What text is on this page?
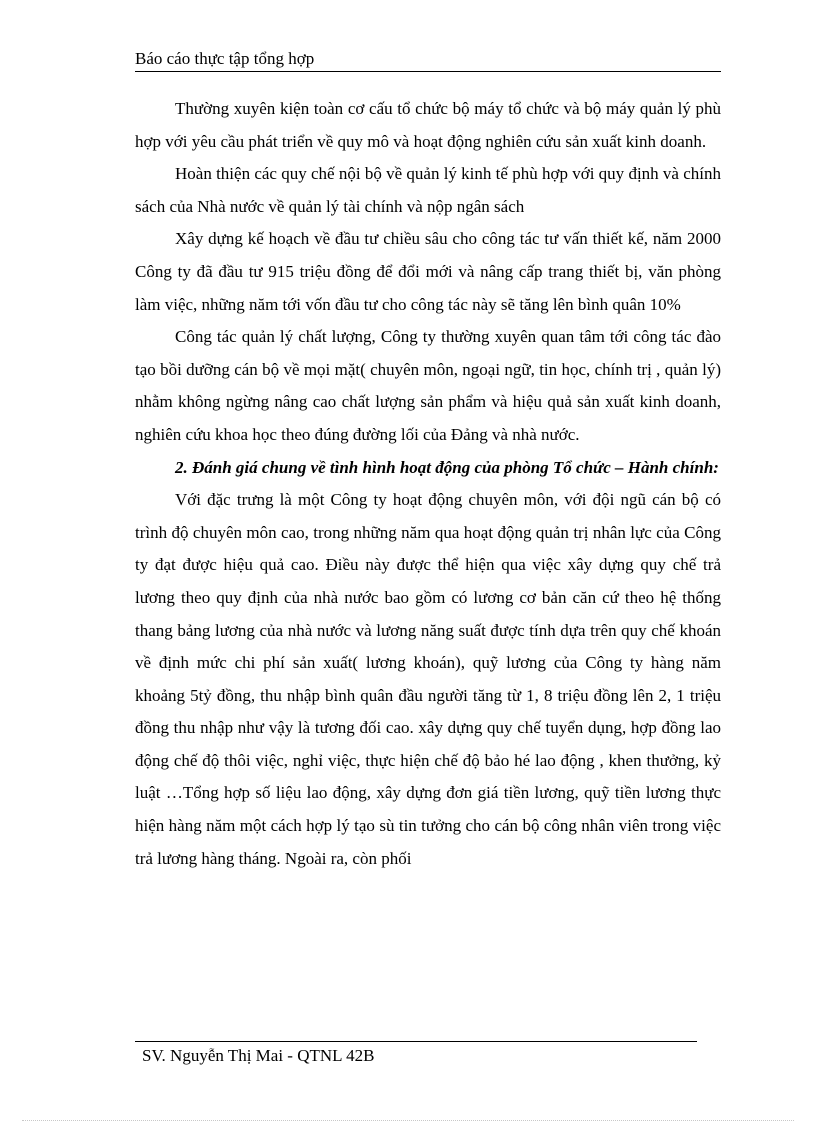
Báo cáo thực tập tổng hợp

Thường xuyên kiện toàn cơ cấu tổ chức bộ máy tổ chức và bộ máy quản lý phù hợp với yêu cầu phát triển về quy mô và hoạt động nghiên cứu sản xuất kinh doanh.

Hoàn thiện các quy chế nội bộ về quản lý kinh tế phù hợp với quy định và chính sách của Nhà nước về quản lý tài chính và nộp ngân sách

Xây dựng kế hoạch về đầu tư chiều sâu cho công tác tư vấn thiết kế, năm 2000 Công ty đã đầu tư 915 triệu đồng để đổi mới và nâng cấp trang thiết bị, văn phòng làm việc, những năm tới vốn đầu tư cho công tác này sẽ tăng lên bình quân 10%

Công tác quản lý chất lượng, Công ty thường xuyên quan tâm tới công tác đào tạo bồi dưỡng cán bộ về mọi mặt( chuyên môn, ngoại ngữ, tin học, chính trị , quản lý) nhằm không ngừng nâng cao chất lượng sản phẩm và hiệu quả sản xuất kinh doanh, nghiên cứu khoa học theo đúng đường lối của Đảng và nhà nước.

2. Đánh giá chung về tình hình hoạt động của phòng Tổ chức – Hành chính:

Với đặc trưng là một Công ty hoạt động chuyên môn, với đội ngũ cán bộ có trình độ chuyên môn cao, trong những năm qua hoạt động quản trị nhân lực của Công ty đạt được hiệu quả cao. Điều này được thể hiện qua việc xây dựng quy chế trả lương theo quy định của nhà nước bao gồm có lương cơ bản căn cứ theo hệ thống thang bảng lương của nhà nước và lương năng suất được tính dựa trên quy chế khoán về định mức chi phí sản xuất( lương khoán), quỹ lương của Công ty hàng năm khoảng 5tỷ đồng, thu nhập bình quân đầu người tăng từ 1, 8 triệu đồng lên 2, 1 triệu đồng thu nhập như vậy là tương đối cao. xây dựng quy chế tuyển dụng, hợp đồng lao động chế độ thôi việc, nghỉ việc, thực hiện chế độ bảo hé lao động , khen thưởng, kỷ luật …Tổng hợp số liệu lao động, xây dựng đơn giá tiền lương, quỹ tiền lương thực hiện hàng năm một cách hợp lý tạo sù tin tưởng cho cán bộ công nhân viên trong việc trả lương hàng tháng. Ngoài ra, còn phối

SV. Nguyễn Thị Mai - QTNL 42B
